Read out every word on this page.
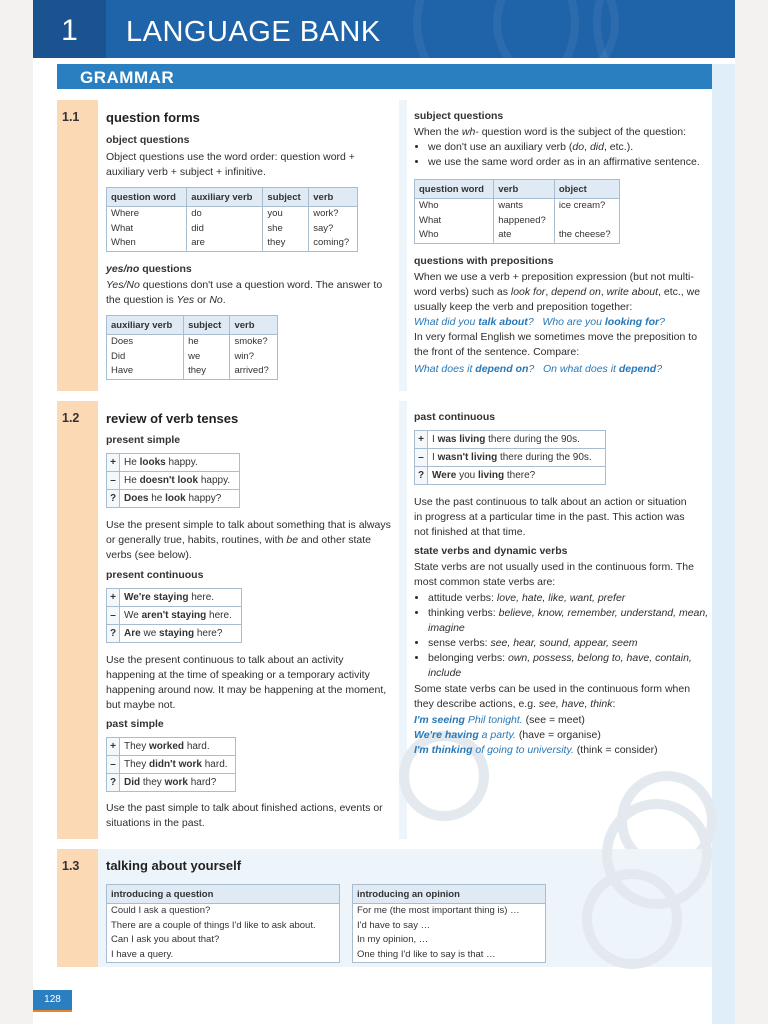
1	LANGUAGE BANK
GRAMMAR
1.1 question forms
object questions
Object questions use the word order: question word + auxiliary verb + subject + infinitive.
question word	auxiliary verb	subject	verb
Where	do	you	work?
What	did	she	say?
When	are	they	coming?
yes/no questions
Yes/No questions don't use a question word. The answer to the question is Yes or No.
auxiliary verb	subject	verb
Does	he	smoke?
Did	we	win?
Have	they	arrived?
subject questions
When the wh- question word is the subject of the question:
• we don't use an auxiliary verb (do, did, etc.).
• we use the same word order as in an affirmative sentence.
question word	verb	object
Who	wants	ice cream?
What	happened?	
Who	ate	the cheese?
questions with prepositions
When we use a verb + preposition expression (but not multi-word verbs) such as look for, depend on, write about, etc., we usually keep the verb and preposition together:
What did you talk about? Who are you looking for?
In very formal English we sometimes move the preposition to the front of the sentence. Compare:
What does it depend on? On what does it depend?
1.2 review of verb tenses
present simple
+	He looks happy.
–	He doesn't look happy.
?	Does he look happy?
Use the present simple to talk about something that is always or generally true, habits, routines, with be and other state verbs (see below).
present continuous
+	We're staying here.
–	We aren't staying here.
?	Are we staying here?
Use the present continuous to talk about an activity happening at the time of speaking or a temporary activity happening around now. It may be happening at the moment, but maybe not.
past simple
+	They worked hard.
–	They didn't work hard.
?	Did they work hard?
Use the past simple to talk about finished actions, events or situations in the past.
past continuous
+	I was living there during the 90s.
–	I wasn't living there during the 90s.
?	Were you living there?
Use the past continuous to talk about an action or situation in progress at a particular time in the past. This action was not finished at that time.
state verbs and dynamic verbs
State verbs are not usually used in the continuous form. The most common state verbs are:
• attitude verbs: love, hate, like, want, prefer
• thinking verbs: believe, know, remember, understand, mean, imagine
• sense verbs: see, hear, sound, appear, seem
• belonging verbs: own, possess, belong to, have, contain, include
Some state verbs can be used in the continuous form when they describe actions, e.g. see, have, think:
I'm seeing Phil tonight. (see = meet)
We're having a party. (have = organise)
I'm thinking of going to university. (think = consider)
1.3 talking about yourself
introducing a question
Could I ask a question?
There are a couple of things I'd like to ask about.
Can I ask you about that?
I have a query.
introducing an opinion
For me (the most important thing is) …
I'd have to say …
In my opinion, …
One thing I'd like to say is that …
128
